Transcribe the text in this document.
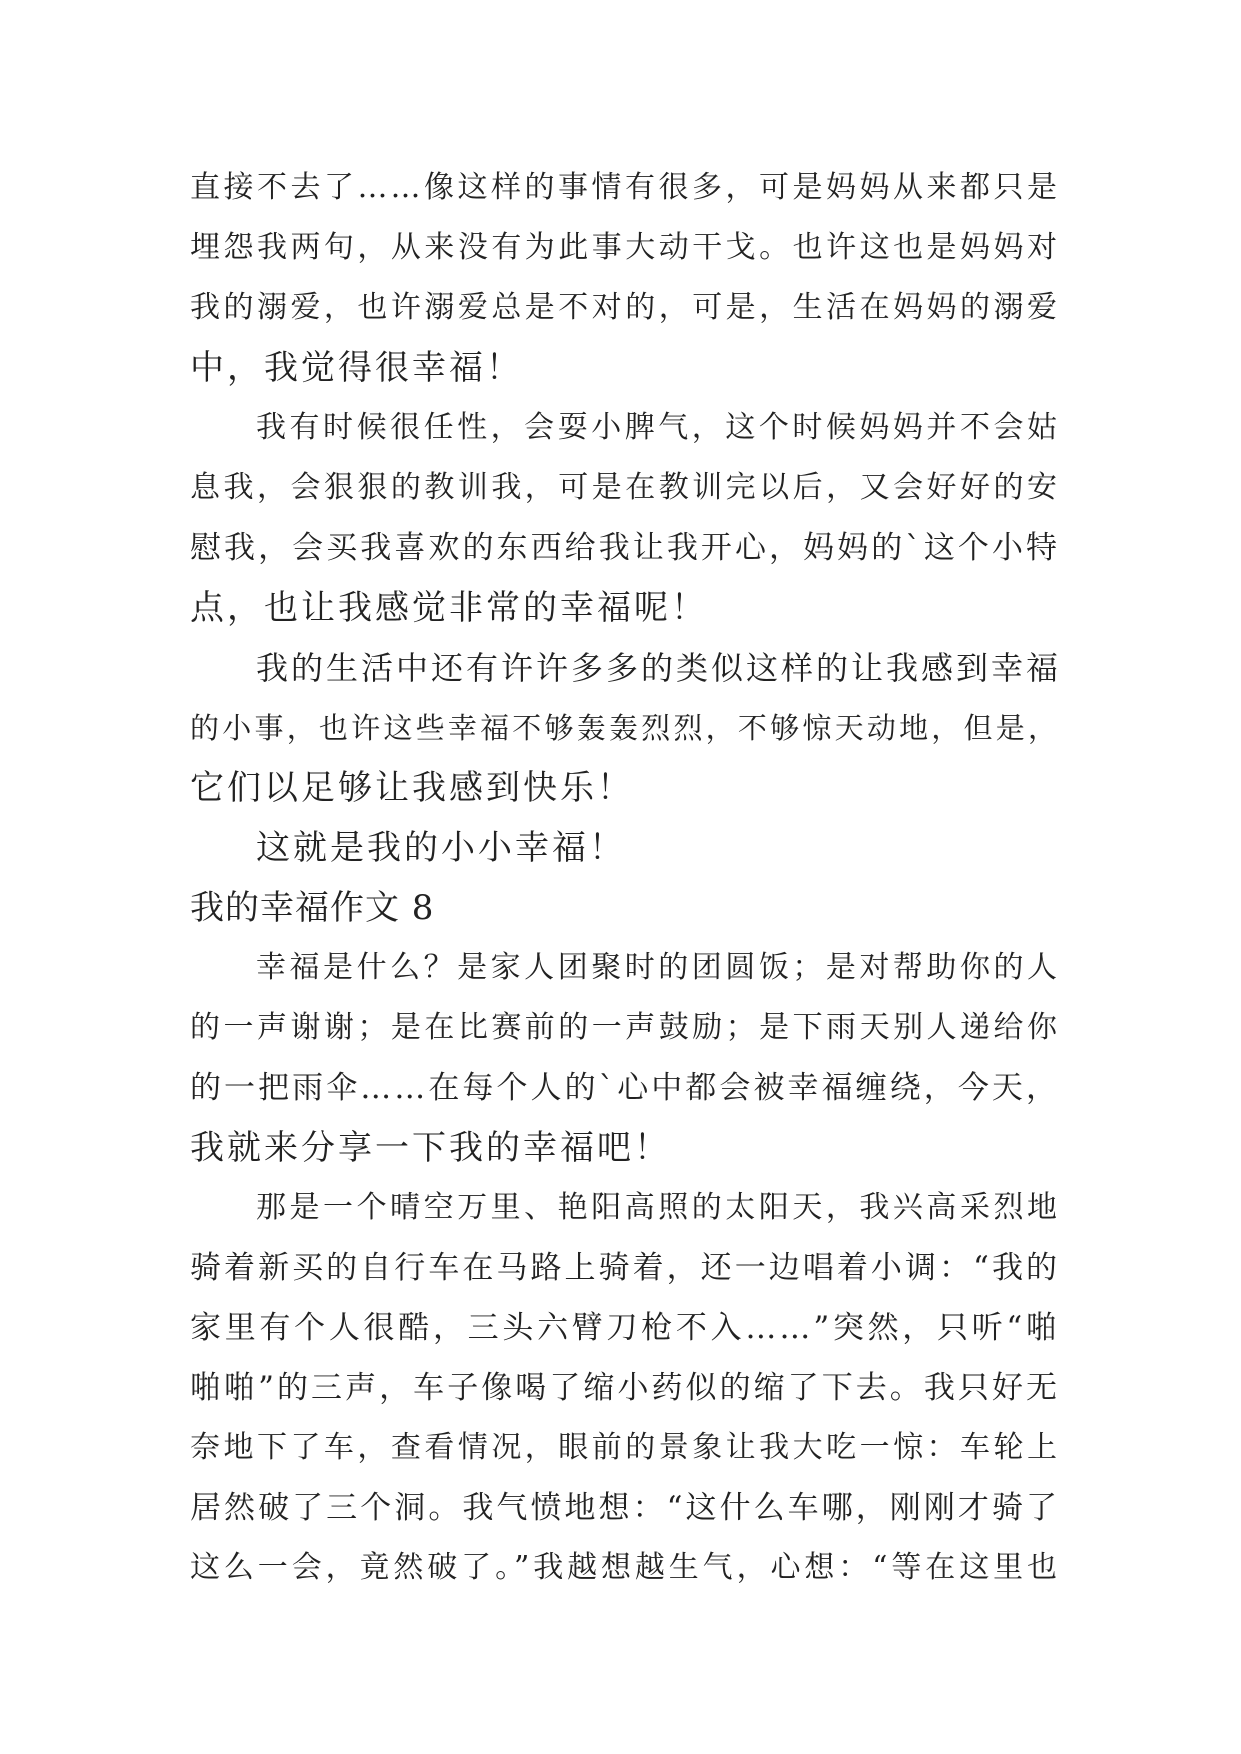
直接不去了……像这样的事情有很多，可是妈妈从来都只是
埋怨我两句，从来没有为此事大动干戈。也许这也是妈妈对
我的溺爱，也许溺爱总是不对的，可是，生活在妈妈的溺爱
中，我觉得很幸福！
我有时候很任性，会耍小脾气，这个时候妈妈并不会姑
息我，会狠狠的教训我，可是在教训完以后，又会好好的安
慰我，会买我喜欢的东西给我让我开心，妈妈的`这个小特
点，也让我感觉非常的幸福呢！
我的生活中还有许许多多的类似这样的让我感到幸福
的小事，也许这些幸福不够轰轰烈烈，不够惊天动地，但是，
它们以足够让我感到快乐！
这就是我的小小幸福！
我的幸福作文 8
幸福是什么？是家人团聚时的团圆饭；是对帮助你的人
的一声谢谢；是在比赛前的一声鼓励；是下雨天别人递给你
的一把雨伞……在每个人的`心中都会被幸福缠绕，今天，
我就来分享一下我的幸福吧！
那是一个晴空万里、艳阳高照的太阳天，我兴高采烈地
骑着新买的自行车在马路上骑着，还一边唱着小调：“我的
家里有个人很酷，三头六臂刀枪不入……”突然，只听“啪
啪啪”的三声，车子像喝了缩小药似的缩了下去。我只好无
奈地下了车，查看情况，眼前的景象让我大吃一惊：车轮上
居然破了三个洞。我气愤地想：“这什么车哪，刚刚才骑了
这么一会，竟然破了。”我越想越生气，心想：“等在这里也
